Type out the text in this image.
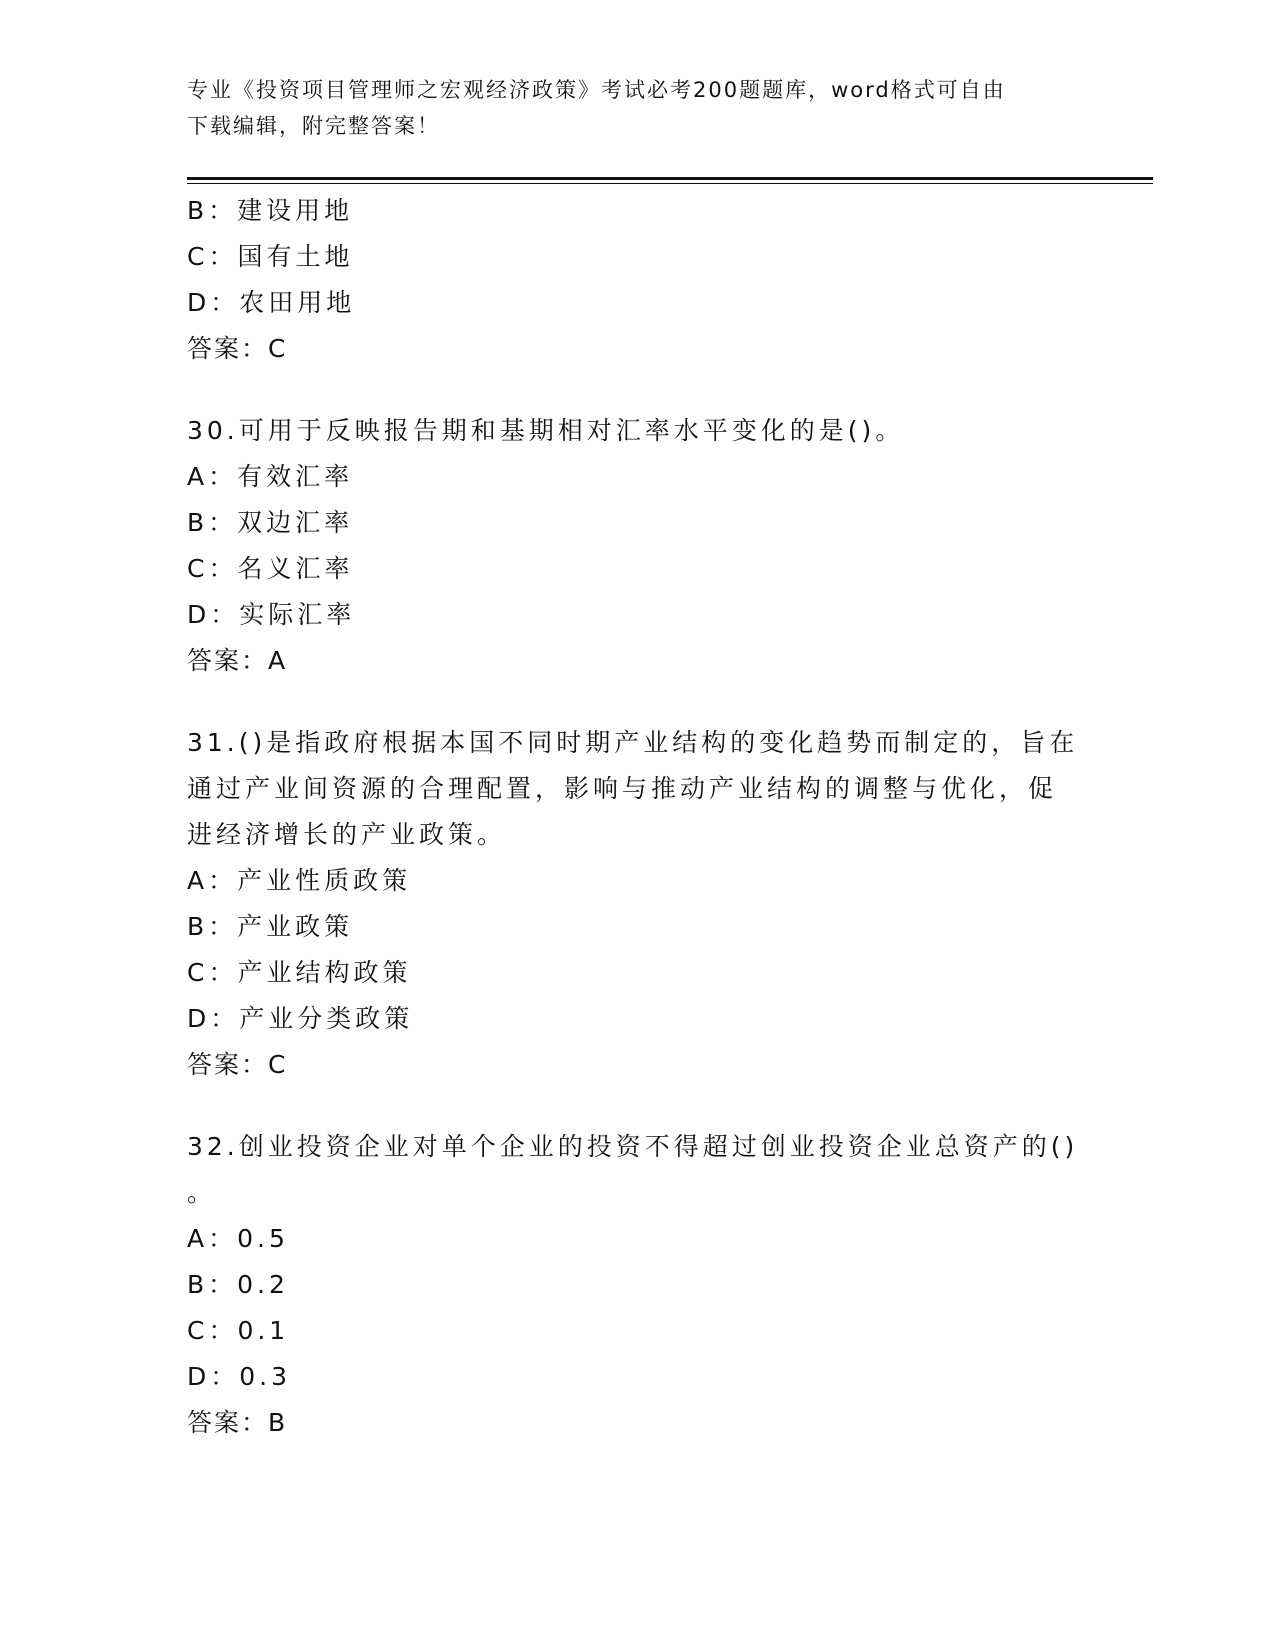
专业《投资项目管理师之宏观经济政策》考试必考200题题库，word格式可自由
下载编辑，附完整答案！
B：建设用地
C：国有土地
D：农田用地
答案：C
30.可用于反映报告期和基期相对汇率水平变化的是()。
A：有效汇率
B：双边汇率
C：名义汇率
D：实际汇率
答案：A
31.()是指政府根据本国不同时期产业结构的变化趋势而制定的，旨在
通过产业间资源的合理配置，影响与推动产业结构的调整与优化，促
进经济增长的产业政策。
A：产业性质政策
B：产业政策
C：产业结构政策
D：产业分类政策
答案：C
32.创业投资企业对单个企业的投资不得超过创业投资企业总资产的()
。
A：0.5
B：0.2
C：0.1
D：0.3
答案：B
